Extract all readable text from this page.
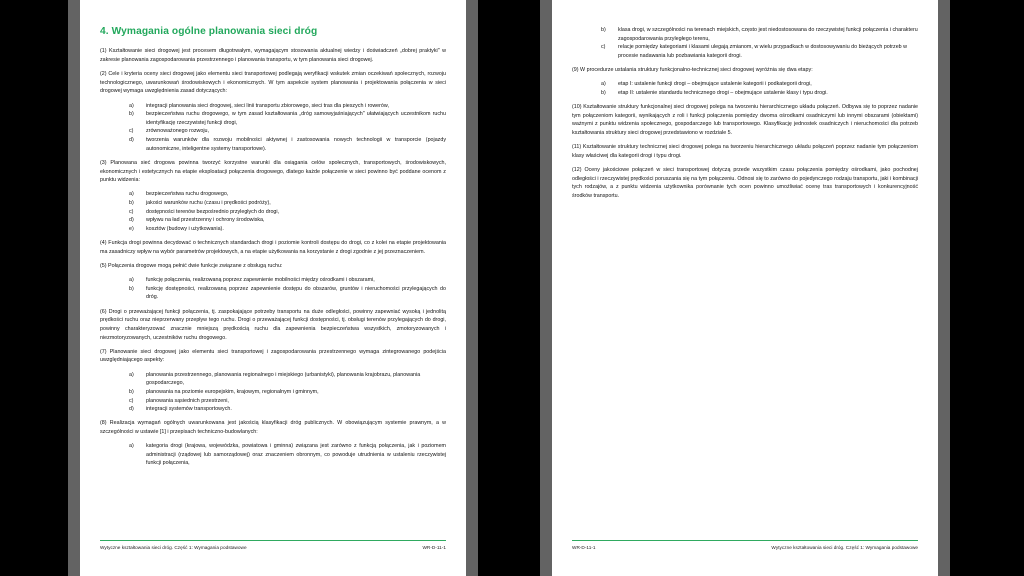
4. Wymagania ogólne planowania sieci dróg

(1) Kształtowanie sieci drogowej jest procesem długotrwałym, wymagającym stosowania aktualnej wiedzy i doświadczeń „dobrej praktyki" w zakresie planowania zagospodarowania przestrzennego i planowania transportu, w tym planowania sieci drogowej.

(2) Cele i kryteria oceny sieci drogowej jako elementu sieci transportowej podlegają weryfikacji wskutek zmian oczekiwań społecznych, rozwoju technologicznego, uwarunkowań środowiskowych i ekonomicznych. W tym aspekcie system planowania i projektowania połączenia w sieci drogowej wymaga uwzględnienia zasad dotyczących:

a)	integracji planowania sieci drogowej, sieci linii transportu zbiorowego, sieci tras dla pieszych i rowerów,
b)	bezpieczeństwa ruchu drogowego, w tym zasad kształtowania „dróg samowyjaśniających" ułatwiających uczestnikom ruchu identyfikację rzeczywistej funkcji drogi,
c)	zrównoważonego rozwoju,
d)	tworzenia warunków dla rozwoju mobilności aktywnej i zastosowania nowych technologii w transporcie (pojazdy autonomiczne, inteligentne systemy transportowe).

(3) Planowana sieć drogowa powinna tworzyć korzystne warunki dla osiągania celów społecznych, transportowych, środowiskowych, ekonomicznych i estetycznych na etapie eksploatacji połączenia drogowego, dlatego każde połączenie w sieci powinno być poddane ocenom z punktu widzenia:

a)	bezpieczeństwa ruchu drogowego,
b)	jakości warunków ruchu (czasu i prędkości podróży),
c)	dostępności terenów bezpośrednio przyległych do drogi,
d)	wpływu na ład przestrzenny i ochrony środowiska,
e)	kosztów (budowy i użytkowania).

(4) Funkcja drogi powinna decydować o technicznych standardach drogi i poziomie kontroli dostępu do drogi, co z kolei na etapie projektowania ma zasadniczy wpływ na wybór parametrów projektowych, a na etapie użytkowania na korzystanie z drogi zgodnie z jej przeznaczeniem.

(5) Połączenia drogowe mogą pełnić dwie funkcje związane z obsługą ruchu:

a)	funkcję połączenia, realizowaną poprzez zapewnienie mobilności między ośrodkami i obszarami,
b)	funkcję dostępności, realizowaną poprzez zapewnienie dostępu do obszarów, gruntów i nieruchomości przylegających do dróg.

(6) Drogi o przeważającej funkcji połączenia, tj. zaspokajające potrzeby transportu na duże odległości, powinny zapewniać wysoką i jednolitą prędkości ruchu oraz nieprzerwany przepływ tego ruchu. Drogi o przeważającej funkcji dostępności, tj. obsługi terenów przylegających do drogi, powinny charakteryzować znacznie mniejszą prędkością ruchu dla zapewnienia bezpieczeństwa wszystkich, zmotoryzowanych i niezmotoryzowanych, uczestników ruchu drogowego.

(7) Planowanie sieci drogowej jako elementu sieci transportowej i zagospodarowania przestrzennego wymaga zintegrowanego podejścia uwzględniającego aspekty:

a)	planowania przestrzennego, planowania regionalnego i miejskiego (urbanistyki), planowania krajobrazu, planowania gospodarczego,
b)	planowania na poziomie europejskim, krajowym, regionalnym i gminnym,
c)	planowania sąsiednich przestrzeni,
d)	integracji systemów transportowych.

(8) Realizacja wymagań ogólnych uwarunkowana jest jakością klasyfikacji dróg publicznych. W obowiązującym systemie prawnym, a w szczególności w ustawie [1] i przepisach techniczno-budowlanych:

a)	kategoria drogi (krajowa, wojewódzka, powiatowa i gminna) związana jest zarówno z funkcją połączenia, jak i poziomem administracji (rządowej lub samorządowej) oraz znaczeniem obronnym, co powoduje utrudnienia w ustaleniu rzeczywistej funkcji połączenia,
Wytyczne kształtowania sieci dróg. Część 1: Wymagania podstawowe	WR-D-11-1
b)	klasa drogi, w szczególności na terenach miejskich, często jest niedostosowana do rzeczywistej funkcji połączenia i charakteru zagospodarowania przyległego terenu,
c)	relacje pomiędzy kategoriami i klasami ulegają zmianom, w wielu przypadkach w dostosowywaniu do bieżących potrzeb w procesie nadawania lub pozbawiania kategorii drogi.

(9) W procedurze ustalania struktury funkcjonalno-technicznej sieci drogowej wyróżnia się dwa etapy:

a)	etap I: ustalenie funkcji drogi – obejmujące ustalenie kategorii i podkategorii drogi,
b)	etap II: ustalenie standardu technicznego drogi – obejmujące ustalenie klasy i typu drogi.

(10) Kształtowanie struktury funkcjonalnej sieci drogowej polega na tworzeniu hierarchicznego układu połączeń. Odbywa się to poprzez nadanie tym połączeniom kategorii, wynikających z roli i funkcji połączenia pomiędzy dwoma ośrodkami osadniczymi lub innymi obszarami (obiektami) ważnymi z punktu widzenia społecznego, gospodarczego lub transportowego. Klasyfikację jednostek osadniczych i nieruchomości dla potrzeb kształtowania struktury sieci drogowej przedstawiono w rozdziale 5.

(11) Kształtowanie struktury technicznej sieci drogowej polega na tworzeniu hierarchicznego układu połączeń poprzez nadanie tym połączeniom klasy właściwej dla kategorii drogi i typu drogi.

(12) Oceny jakościowe połączeń w sieci transportowej dotyczą przede wszystkim czasu połączenia pomiędzy ośrodkami, jako pochodnej odległości i rzeczywistej prędkości poruszania się na tym połączeniu. Odnosi się to zarówno do pojedynczego rodzaju transportu, jaki i kombinacji tych rodzajów, a z punktu widzenia użytkownika porównanie tych ocen powinno umożliwiać ocenę tras transportowych i konkurencyjność środków transportu.

WR-D-11-1	Wytyczne kształtowania sieci dróg. Część 1: Wymagania podstawowe
